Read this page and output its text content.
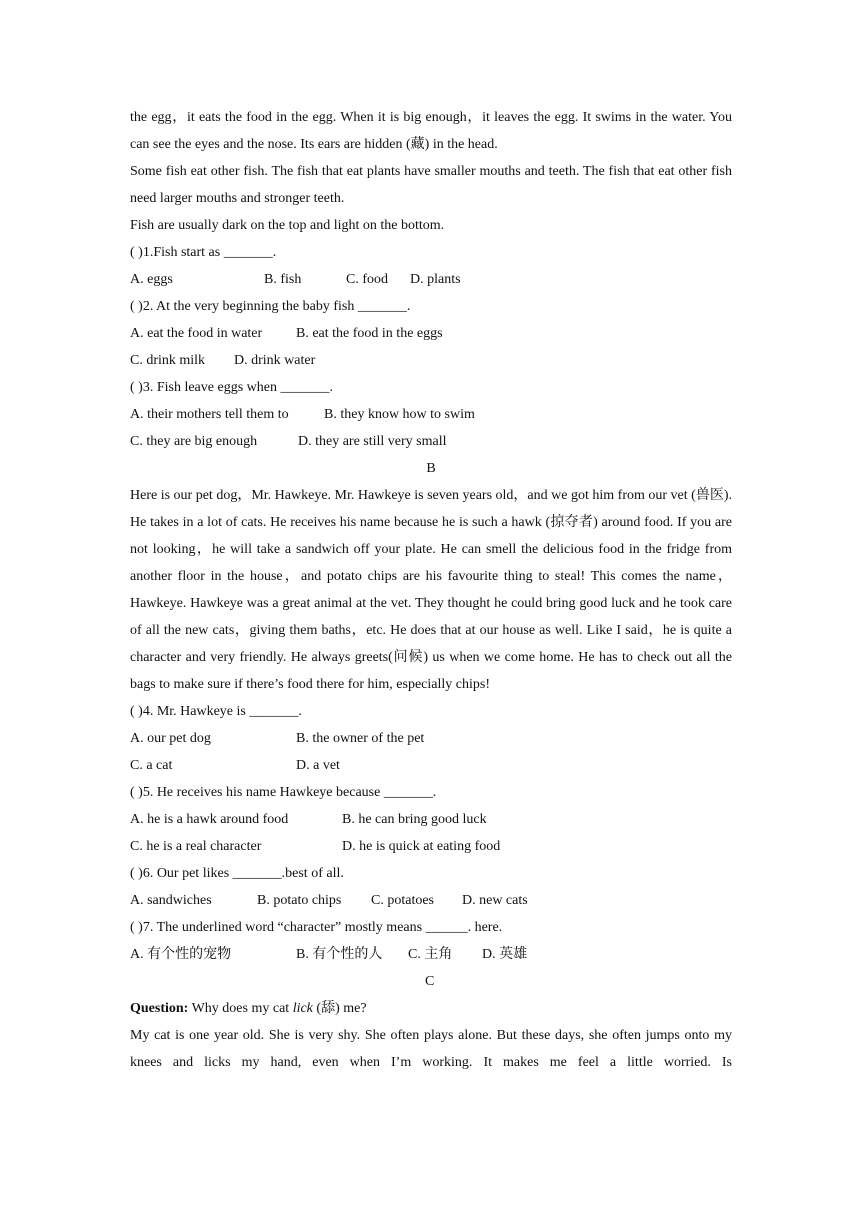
the egg，it eats the food in the egg. When it is big enough，it leaves the egg. It swims in the water. You can see the eyes and the nose. Its ears are hidden (藏) in the head.

Some fish eat other fish. The fish that eat plants have smaller mouths and teeth. The fish that eat other fish need larger mouths and stronger teeth.

Fish are usually dark on the top and light on the bottom.

( )1.Fish start as _______.
A. eggs	B. fish	C. food D. plants
( )2. At the very beginning the baby fish _______.
A. eat the food in water B. eat the food in the eggs
C. drink milk D. drink water
( )3. Fish leave eggs when _______.
A. their mothers tell them to	B. they know how to swim
C. they are big enough	D. they are still very small
B

Here is our pet dog，Mr. Hawkeye. Mr. Hawkeye is seven years old，and we got him from our vet (兽医). He takes in a lot of cats. He receives his name because he is such a hawk (掠夺者) around food. If you are not looking，he will take a sandwich off your plate. He can smell the delicious food in the fridge from another floor in the house，and potato chips are his favourite thing to steal! This comes the name，Hawkeye. Hawkeye was a great animal at the vet. They thought he could bring good luck and he took care of all the new cats，giving them baths，etc. He does that at our house as well. Like I said，he is quite a character and very friendly. He always greets(问候) us when we come home. He has to check out all the bags to make sure if there’s food there for him, especially chips!

( )4. Mr. Hawkeye is _______.
A. our pet dog	B. the owner of the pet
C. a cat	D. a vet
( )5. He receives his name Hawkeye because _______.
A. he is a hawk around food	B. he can bring good luck
C. he is a real character	D. he is quick at eating food
( )6. Our pet likes _______.best of all.
A. sandwiches	B. potato chips C. potatoes D. new cats
( )7. The underlined word “character” mostly means ______. here.
A. 有个性的宠物	B. 有个性的人 C. 主角 D. 英雄
C
Question: Why does my cat lick (舔) me?

My cat is one year old. She is very shy. She often plays alone. But these days, she often jumps onto my knees and licks my hand, even when I’m working. It makes me feel a little worried. Is
